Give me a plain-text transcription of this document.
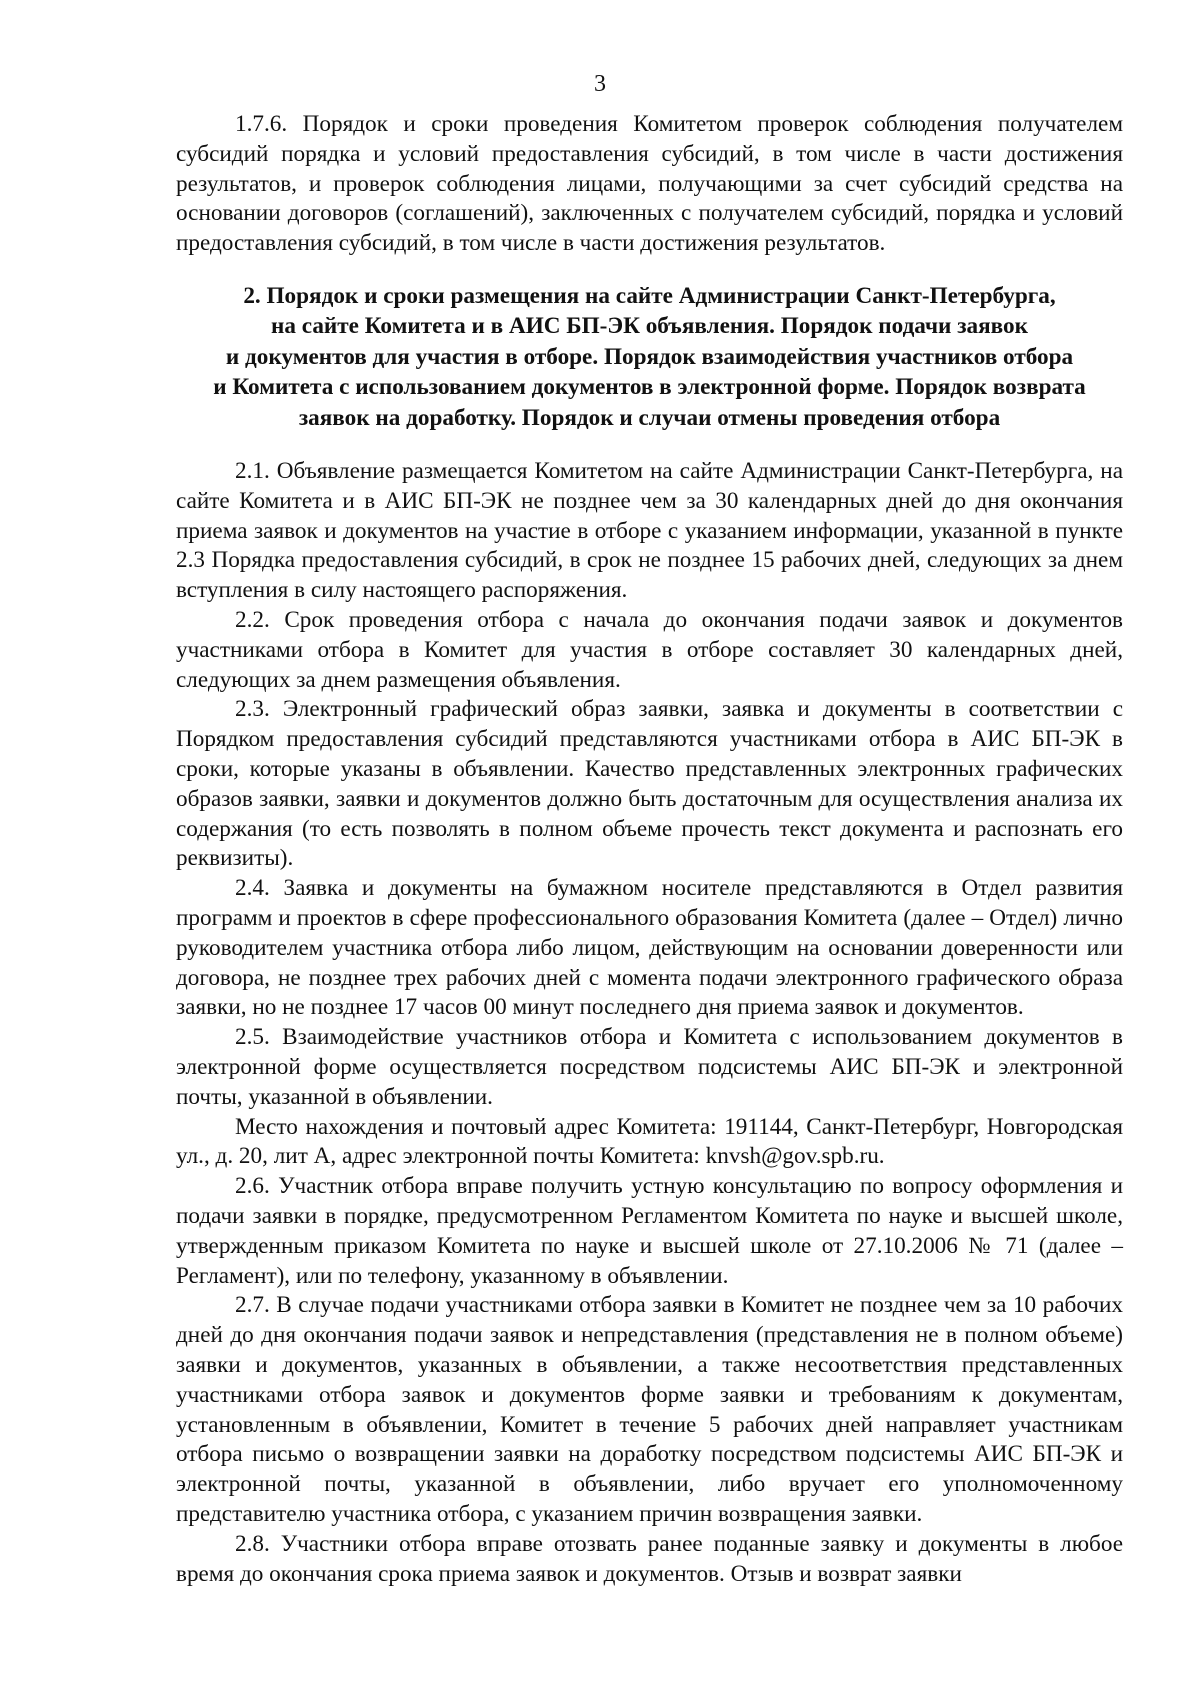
3

1.7.6. Порядок и сроки проведения Комитетом проверок соблюдения получателем субсидий порядка и условий предоставления субсидий, в том числе в части достижения результатов, и проверок соблюдения лицами, получающими за счет субсидий средства на основании договоров (соглашений), заключенных с получателем субсидий, порядка и условий предоставления субсидий, в том числе в части достижения результатов.

2. Порядок и сроки размещения на сайте Администрации Санкт-Петербурга,
на сайте Комитета и в АИС БП-ЭК объявления. Порядок подачи заявок
и документов для участия в отборе. Порядок взаимодействия участников отбора
и Комитета с использованием документов в электронной форме. Порядок возврата
заявок на доработку. Порядок и случаи отмены проведения отбора

2.1. Объявление размещается Комитетом на сайте Администрации Санкт-Петербурга, на сайте Комитета и в АИС БП-ЭК не позднее чем за 30 календарных дней до дня окончания приема заявок и документов на участие в отборе с указанием информации, указанной в пункте 2.3 Порядка предоставления субсидий, в срок не позднее 15 рабочих дней, следующих за днем вступления в силу настоящего распоряжения.

2.2. Срок проведения отбора с начала до окончания подачи заявок и документов участниками отбора в Комитет для участия в отборе составляет 30 календарных дней, следующих за днем размещения объявления.

2.3. Электронный графический образ заявки, заявка и документы в соответствии с Порядком предоставления субсидий представляются участниками отбора в АИС БП-ЭК в сроки, которые указаны в объявлении. Качество представленных электронных графических образов заявки, заявки и документов должно быть достаточным для осуществления анализа их содержания (то есть позволять в полном объеме прочесть текст документа и распознать его реквизиты).

2.4. Заявка и документы на бумажном носителе представляются в Отдел развития программ и проектов в сфере профессионального образования Комитета (далее – Отдел) лично руководителем участника отбора либо лицом, действующим на основании доверенности или договора, не позднее трех рабочих дней с момента подачи электронного графического образа заявки, но не позднее 17 часов 00 минут последнего дня приема заявок и документов.

2.5. Взаимодействие участников отбора и Комитета с использованием документов в электронной форме осуществляется посредством подсистемы АИС БП-ЭК и электронной почты, указанной в объявлении.

Место нахождения и почтовый адрес Комитета: 191144, Санкт-Петербург, Новгородская ул., д. 20, лит А, адрес электронной почты Комитета: knvsh@gov.spb.ru.

2.6. Участник отбора вправе получить устную консультацию по вопросу оформления и подачи заявки в порядке, предусмотренном Регламентом Комитета по науке и высшей школе, утвержденным приказом Комитета по науке и высшей школе от 27.10.2006 № 71 (далее – Регламент), или по телефону, указанному в объявлении.

2.7. В случае подачи участниками отбора заявки в Комитет не позднее чем за 10 рабочих дней до дня окончания подачи заявок и непредставления (представления не в полном объеме) заявки и документов, указанных в объявлении, а также несоответствия представленных участниками отбора заявок и документов форме заявки и требованиям к документам, установленным в объявлении, Комитет в течение 5 рабочих дней направляет участникам отбора письмо о возвращении заявки на доработку посредством подсистемы АИС БП-ЭК и электронной почты, указанной в объявлении, либо вручает его уполномоченному представителю участника отбора, с указанием причин возвращения заявки.

2.8. Участники отбора вправе отозвать ранее поданные заявку и документы в любое время до окончания срока приема заявок и документов. Отзыв и возврат заявки
